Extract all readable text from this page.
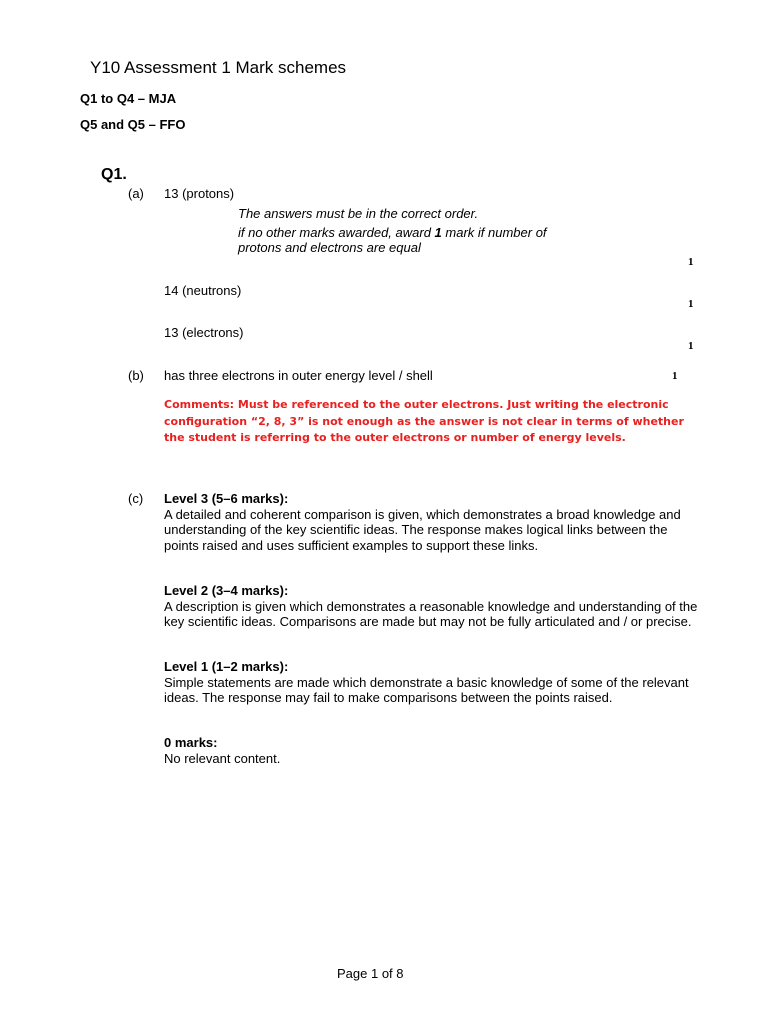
Y10 Assessment 1 Mark schemes
Q1 to Q4 – MJA
Q5 and Q5 – FFO
Q1.
(a) 13 (protons)
The answers must be in the correct order.
if no other marks awarded, award 1 mark if number of
protons and electrons are equal
1
14 (neutrons)
1
13 (electrons)
1
(b) has three electrons in outer energy level / shell	1
Comments: Must be referenced to the outer electrons. Just writing the electronic configuration “2, 8, 3” is not enough as the answer is not clear in terms of whether the student is referring to the outer electrons or number of energy levels.
(c) Level 3 (5–6 marks):
A detailed and coherent comparison is given, which demonstrates a broad knowledge and understanding of the key scientific ideas. The response makes logical links between the points raised and uses sufficient examples to support these links.
Level 2 (3–4 marks):
A description is given which demonstrates a reasonable knowledge and understanding of the key scientific ideas. Comparisons are made but may not be fully articulated and / or precise.
Level 1 (1–2 marks):
Simple statements are made which demonstrate a basic knowledge of some of the relevant ideas. The response may fail to make comparisons between the points raised.
0 marks:
No relevant content.
Page 1 of 8
